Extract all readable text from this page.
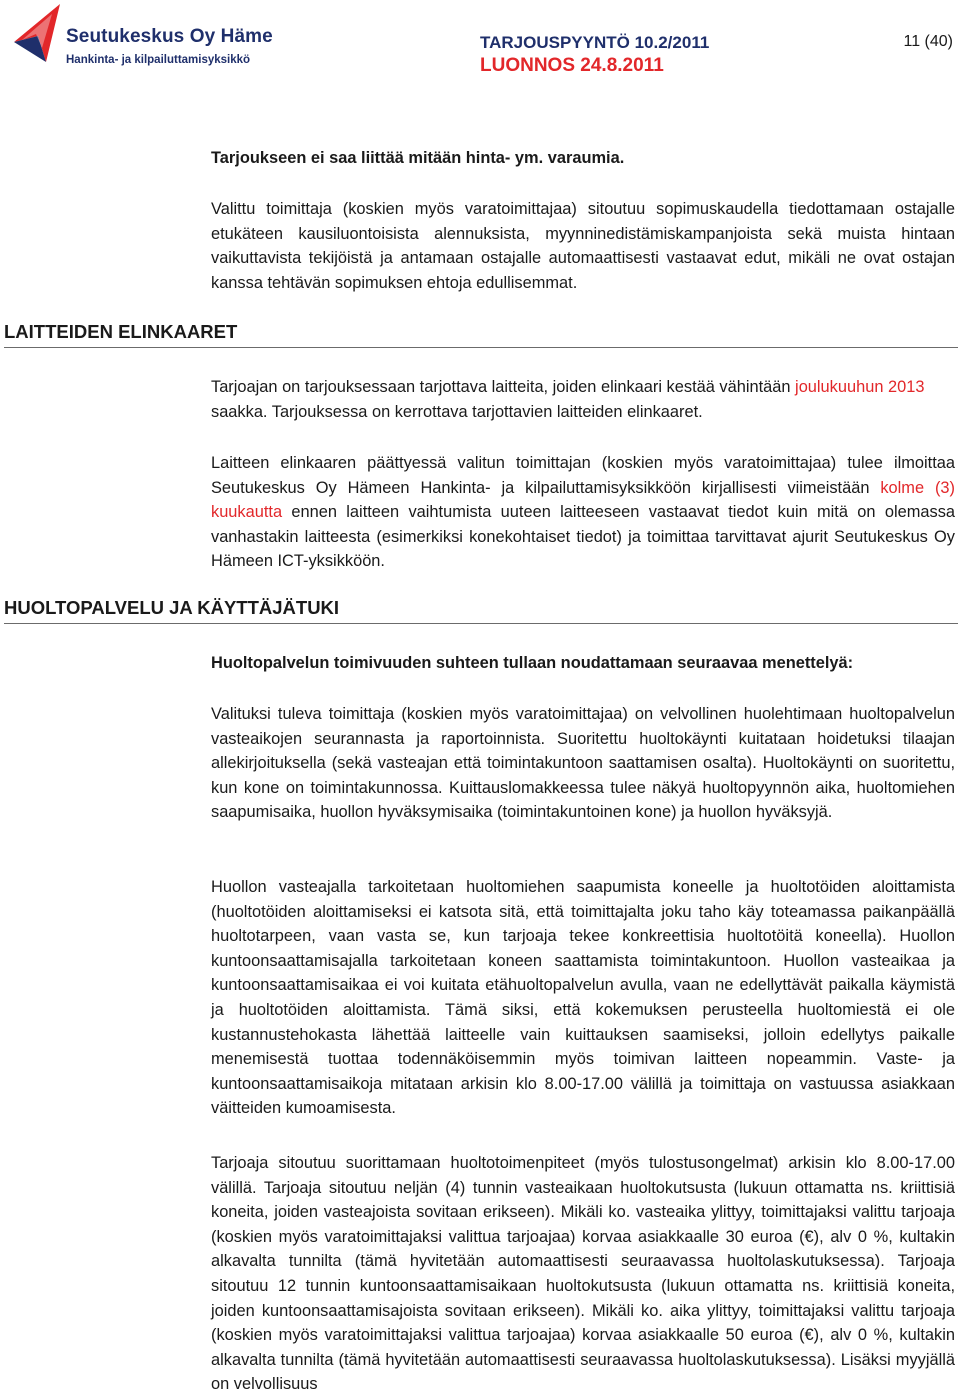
Seutukeskus Oy Häme
Hankinta- ja kilpailuttamisyksikkö
TARJOUSPYYNTÖ 10.2/2011
LUONNOS 24.8.2011
11 (40)

Tarjoukseen ei saa liittää mitään hinta- ym. varaumia.

Valittu toimittaja (koskien myös varatoimittajaa) sitoutuu sopimuskaudella tiedottamaan ostajalle etukäteen kausiluontoisista alennuksista, myynninedistämiskampanjoista sekä muista hintaan vaikuttavista tekijöistä ja antamaan ostajalle automaattisesti vastaavat edut, mikäli ne ovat ostajan kanssa tehtävän sopimuksen ehtoja edullisemmat.

LAITTEIDEN ELINKAARET

Tarjoajan on tarjouksessaan tarjottava laitteita, joiden elinkaari kestää vähintään joulukuuhun 2013 saakka. Tarjouksessa on kerrottava tarjottavien laitteiden elinkaaret.

Laitteen elinkaaren päättyessä valitun toimittajan (koskien myös varatoimittajaa) tulee ilmoittaa Seutukeskus Oy Hämeen Hankinta- ja kilpailuttamisyksikköön kirjallisesti viimeistään kolme (3) kuukautta ennen laitteen vaihtumista uuteen laitteeseen vastaavat tiedot kuin mitä on olemassa vanhastakin laitteesta (esimerkiksi konekohtaiset tiedot) ja toimittaa tarvittavat ajurit Seutukeskus Oy Hämeen ICT-yksikköön.

HUOLTOPALVELU JA KÄYTTÄJÄTUKI

Huoltopalvelun toimivuuden suhteen tullaan noudattamaan seuraavaa menettelyä:

Valituksi tuleva toimittaja (koskien myös varatoimittajaa) on velvollinen huolehtimaan huoltopalvelun vasteaikojen seurannasta ja raportoinnista. Suoritettu huoltokäynti kuitataan hoidetuksi tilaajan allekirjoituksella (sekä vasteajan että toimintakuntoon saattamisen osalta). Huoltokäynti on suoritettu, kun kone on toimintakunnossa. Kuittauslomakkeessa tulee näkyä huoltopyynnön aika, huoltomiehen saapumisaika, huollon hyväksymisaika (toimintakuntoinen kone) ja huollon hyväksyjä.

Huollon vasteajalla tarkoitetaan huoltomiehen saapumista koneelle ja huoltotöiden aloittamista (huoltotöiden aloittamiseksi ei katsota sitä, että toimittajalta joku taho käy toteamassa paikanpäällä huoltotarpeen, vaan vasta se, kun tarjoaja tekee konkreettisia huoltotöitä koneella). Huollon kuntoonsaattamisajalla tarkoitetaan koneen saattamista toimintakuntoon. Huollon vasteaikaa ja kuntoonsaattamisaikaa ei voi kuitata etähuoltopalvelun avulla, vaan ne edellyttävät paikalla käymistä ja huoltotöiden aloittamista. Tämä siksi, että kokemuksen perusteella huoltomiestä ei ole kustannustehokasta lähettää laitteelle vain kuittauksen saamiseksi, jolloin edellytys paikalle menemisestä tuottaa todennäköisemmin myös toimivan laitteen nopeammin. Vaste- ja kuntoonsaattamisaikoja mitataan arkisin klo 8.00-17.00 välillä ja toimittaja on vastuussa asiakkaan väitteiden kumoamisesta.

Tarjoaja sitoutuu suorittamaan huoltotoimenpiteet (myös tulostusongelmat) arkisin klo 8.00-17.00 välillä. Tarjoaja sitoutuu neljän (4) tunnin vasteaikaan huoltokutsusta (lukuun ottamatta ns. kriittisiä koneita, joiden vasteajoista sovitaan erikseen). Mikäli ko. vasteaika ylittyy, toimittajaksi valittu tarjoaja (koskien myös varatoimittajaksi valittua tarjoajaa) korvaa asiakkaalle 30 euroa (€), alv 0 %, kultakin alkavalta tunnilta (tämä hyvitetään automaattisesti seuraavassa huoltolaskutuksessa). Tarjoaja sitoutuu 12 tunnin kuntoonsaattamisaikaan huoltokutsusta (lukuun ottamatta ns. kriittisiä koneita, joiden kuntoonsaattamisajoista sovitaan erikseen). Mikäli ko. aika ylittyy, toimittajaksi valittu tarjoaja (koskien myös varatoimittajaksi valittua tarjoajaa) korvaa asiakkaalle 50 euroa (€), alv 0 %, kultakin alkavalta tunnilta (tämä hyvitetään automaattisesti seuraavassa huoltolaskutuksessa). Lisäksi myyjällä on velvollisuus
